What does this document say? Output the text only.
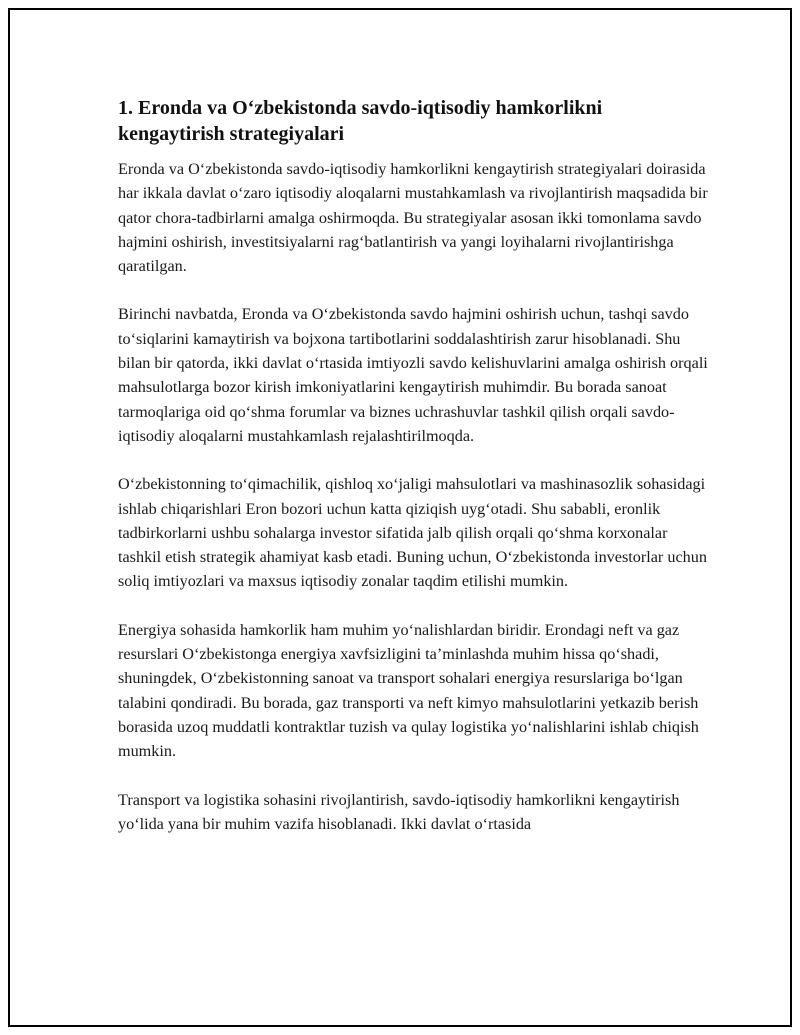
1. Eronda va O‘zbekistonda savdo-iqtisodiy hamkorlikni kengaytirish strategiyalari

Eronda va O‘zbekistonda savdo-iqtisodiy hamkorlikni kengaytirish strategiyalari doirasida har ikkala davlat o‘zaro iqtisodiy aloqalarni mustahkamlash va rivojlantirish maqsadida bir qator chora-tadbirlarni amalga oshirmoqda. Bu strategiyalar asosan ikki tomonlama savdo hajmini oshirish, investitsiyalarni rag‘batlantirish va yangi loyihalarni rivojlantirishga qaratilgan.

Birinchi navbatda, Eronda va O‘zbekistonda savdo hajmini oshirish uchun, tashqi savdo to‘siqlarini kamaytirish va bojxona tartibotlarini soddalashtirish zarur hisoblanadi. Shu bilan bir qatorda, ikki davlat o‘rtasida imtiyozli savdo kelishuvlarini amalga oshirish orqali mahsulotlarga bozor kirish imkoniyatlarini kengaytirish muhimdir. Bu borada sanoat tarmoqlariga oid qo‘shma forumlar va biznes uchrashuvlar tashkil qilish orqali savdo-iqtisodiy aloqalarni mustahkamlash rejalashtirilmoqda.

O‘zbekistonning to‘qimachilik, qishloq xo‘jaligi mahsulotlari va mashinasozlik sohasidagi ishlab chiqarishlari Eron bozori uchun katta qiziqish uyg‘otadi. Shu sababli, eronlik tadbirkorlarni ushbu sohalarga investor sifatida jalb qilish orqali qo‘shma korxonalar tashkil etish strategik ahamiyat kasb etadi. Buning uchun, O‘zbekistonda investorlar uchun soliq imtiyozlari va maxsus iqtisodiy zonalar taqdim etilishi mumkin.

Energiya sohasida hamkorlik ham muhim yo‘nalishlardan biridir. Erondagi neft va gaz resurslari O‘zbekistonga energiya xavfsizligini ta’minlashda muhim hissa qo‘shadi, shuningdek, O‘zbekistonning sanoat va transport sohalari energiya resurslariga bo‘lgan talabini qondiradi. Bu borada, gaz transporti va neft kimyo mahsulotlarini yetkazib berish borasida uzoq muddatli kontraktlar tuzish va qulay logistika yo‘nalishlarini ishlab chiqish mumkin.

Transport va logistika sohasini rivojlantirish, savdo-iqtisodiy hamkorlikni kengaytirish yo‘lida yana bir muhim vazifa hisoblanadi. Ikki davlat o‘rtasida
